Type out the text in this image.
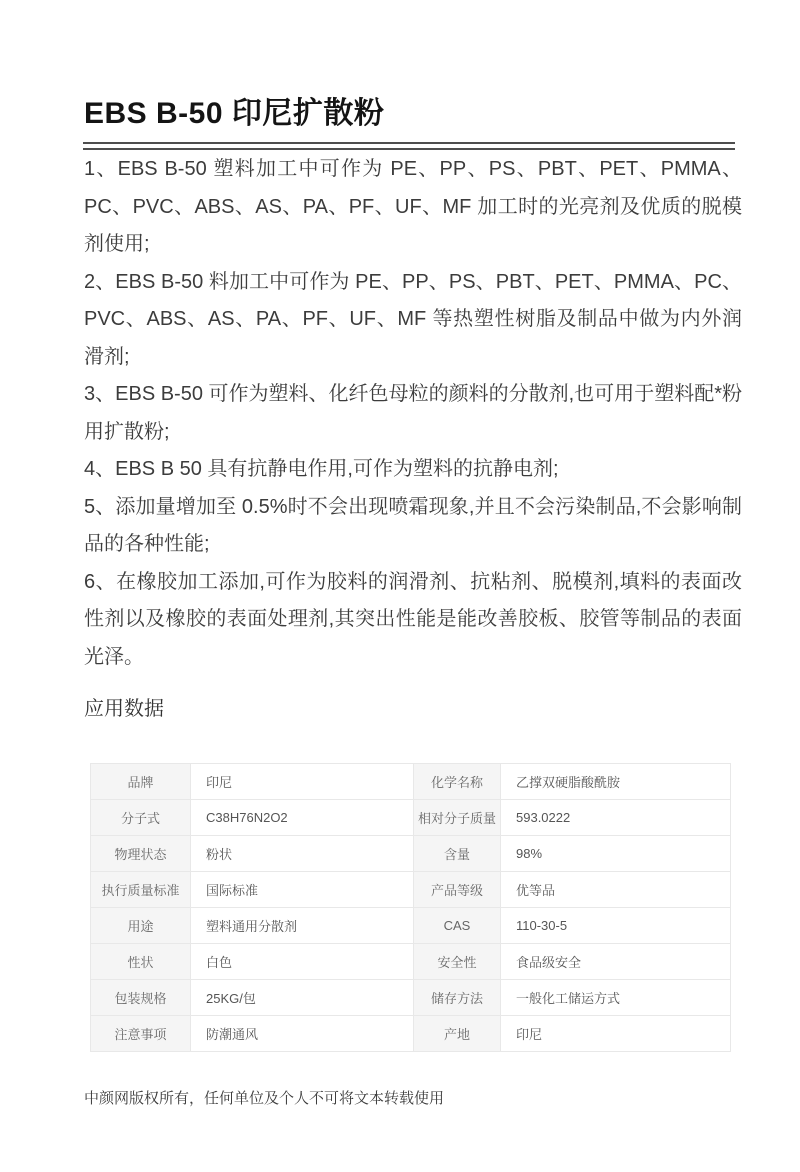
EBS B-50 印尼扩散粉

1、EBS B-50 塑料加工中可作为 PE、PP、PS、PBT、PET、PMMA、PC、PVC、ABS、AS、PA、PF、UF、MF 加工时的光亮剂及优质的脱模剂使用;

2、EBS B-50 料加工中可作为 PE、PP、PS、PBT、PET、PMMA、PC、PVC、ABS、AS、PA、PF、UF、MF 等热塑性树脂及制品中做为内外润滑剂;

3、EBS B-50 可作为塑料、化纤色母粒的颜料的分散剂,也可用于塑料配*粉用扩散粉;

4、EBS B 50 具有抗静电作用,可作为塑料的抗静电剂;

5、添加量增加至 0.5%时不会出现喷霜现象,并且不会污染制品,不会影响制品的各种性能;

6、在橡胶加工添加,可作为胶料的润滑剂、抗粘剂、脱模剂,填料的表面改性剂以及橡胶的表面处理剂,其突出性能是能改善胶板、胶管等制品的表面光泽。

应用数据
品牌	印尼	化学名称	乙撑双硬脂酸酰胺
分子式	C38H76N2O2	相对分子质量	593.0222
物理状态	粉状	含量	98%
执行质量标准	国际标准	产品等级	优等品
用途	塑料通用分散剂	CAS	110-30-5
性状	白色	安全性	食品级安全
包装规格	25KG/包	储存方法	一般化工储运方式
注意事项	防潮通风	产地	印尼
中颜网版权所有，任何单位及个人不可将文本转载使用
